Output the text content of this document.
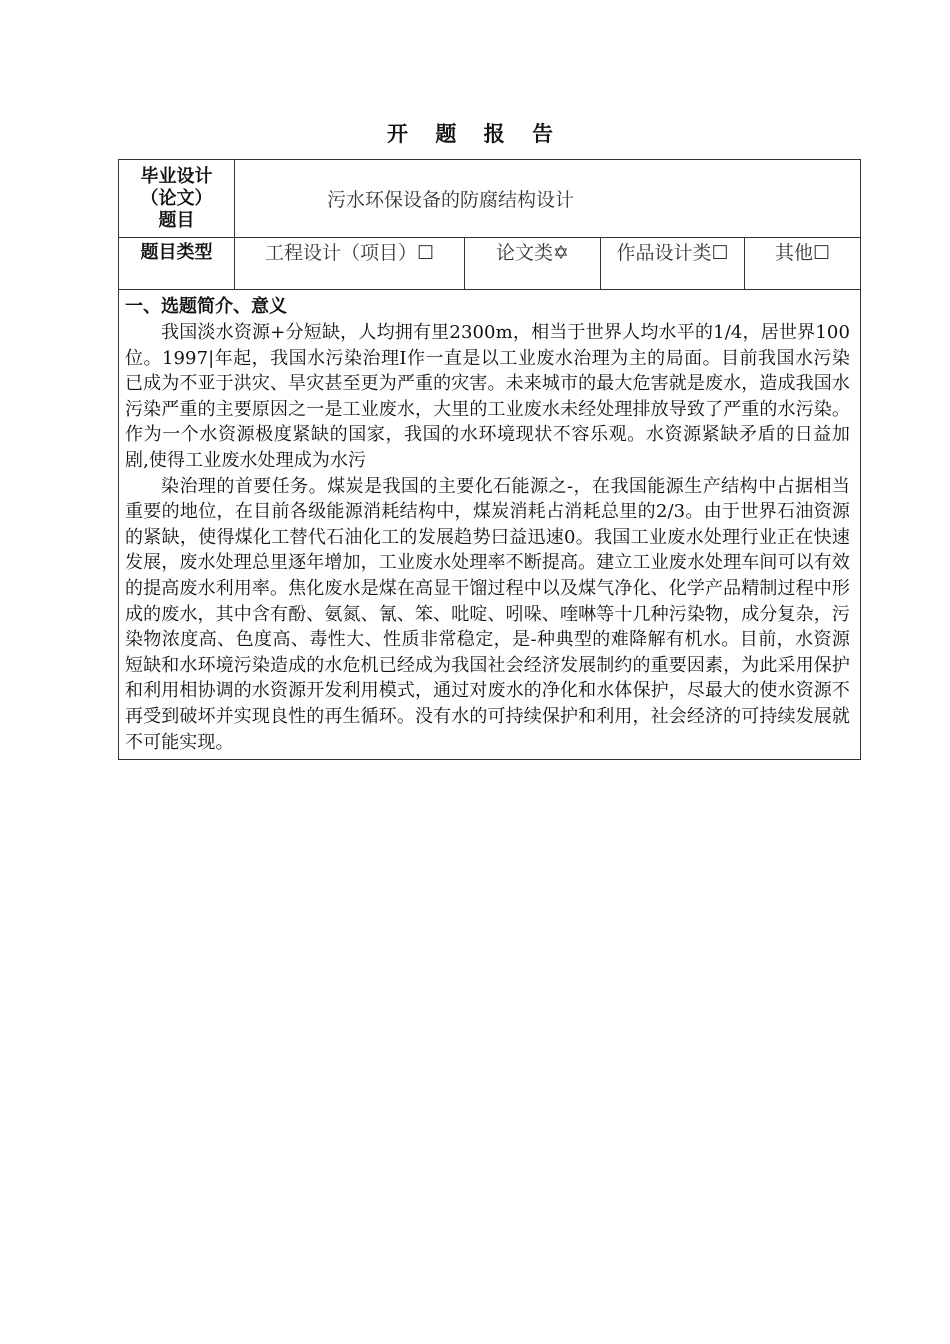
开 题 报 告
毕业设计
（论文）
题目	污水环保设备的防腐结构设计			
题目类型	工程设计（项目）☐	论文类✡	作品设计类☐	其他☐

一、选题简介、意义

我国淡水资源+分短缺，人均拥有里2300m，相当于世界人均水平的1/4，居世界100位。1997|年起，我国水污染治理I作一直是以工业废水治理为主的局面。目前我国水污染已成为不亚于洪灾、旱灾甚至更为严重的灾害。未来城市的最大危害就是废水，造成我国水污染严重的主要原因之一是工业废水，大里的工业废水未经处理排放导致了严重的水污染。作为一个水资源极度紧缺的国家，我国的水环境现状不容乐观。水资源紧缺矛盾的日益加剧,使得工业废水处理成为水污

染治理的首要任务。煤炭是我国的主要化石能源之-，在我国能源生产结构中占据相当重要的地位，在目前各级能源消耗结构中，煤炭消耗占消耗总里的2/3。由于世界石油资源的紧缺，使得煤化工替代石油化工的发展趋势曰益迅速0。我国工业废水处理行业正在快速发展，废水处理总里逐年增加，工业废水处理率不断提高。建立工业废水处理车间可以有效的提高废水利用率。焦化废水是煤在高显干馏过程中以及煤气净化、化学产品精制过程中形成的废水，其中含有酚、氨氮、氰、笨、吡啶、吲哚、喹啉等十几种污染物，成分复杂，污染物浓度高、色度高、毒性大、性质非常稳定，是-种典型的难降解有机水。目前，水资源短缺和水环境污染造成的水危机已经成为我国社会经济发展制约的重要因素，为此采用保护和利用相协调的水资源开发利用模式，通过对废水的净化和水体保护，尽最大的使水资源不再受到破坏并实现良性的再生循环。没有水的可持续保护和利用，社会经济的可持续发展就不可能实现。				
